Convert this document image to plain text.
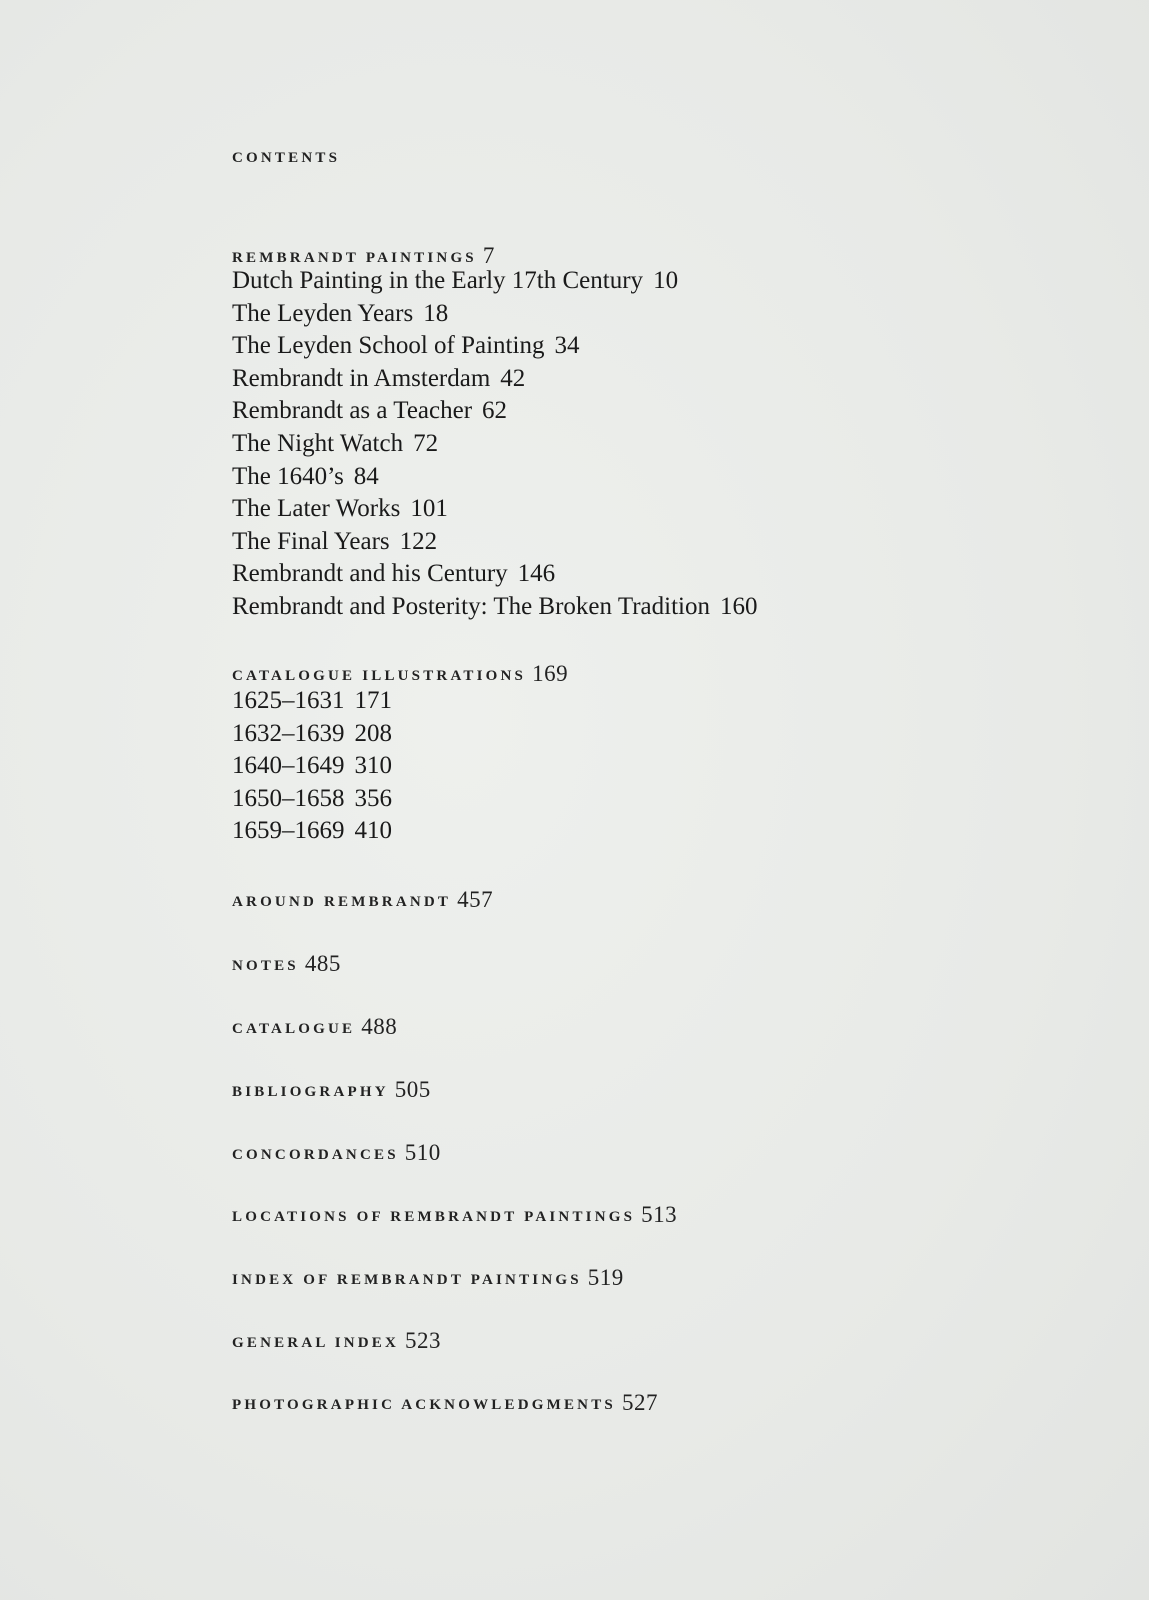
CONTENTS
REMBRANDT PAINTINGS 7
Dutch Painting in the Early 17th Century 10
The Leyden Years 18
The Leyden School of Painting 34
Rembrandt in Amsterdam 42
Rembrandt as a Teacher 62
The Night Watch 72
The 1640’s 84
The Later Works 101
The Final Years 122
Rembrandt and his Century 146
Rembrandt and Posterity: The Broken Tradition 160
CATALOGUE ILLUSTRATIONS 169
1625–1631 171
1632–1639 208
1640–1649 310
1650–1658 356
1659–1669 410
AROUND REMBRANDT 457
NOTES 485
CATALOGUE 488
BIBLIOGRAPHY 505
CONCORDANCES 510
LOCATIONS OF REMBRANDT PAINTINGS 513
INDEX OF REMBRANDT PAINTINGS 519
GENERAL INDEX 523
PHOTOGRAPHIC ACKNOWLEDGMENTS 527
